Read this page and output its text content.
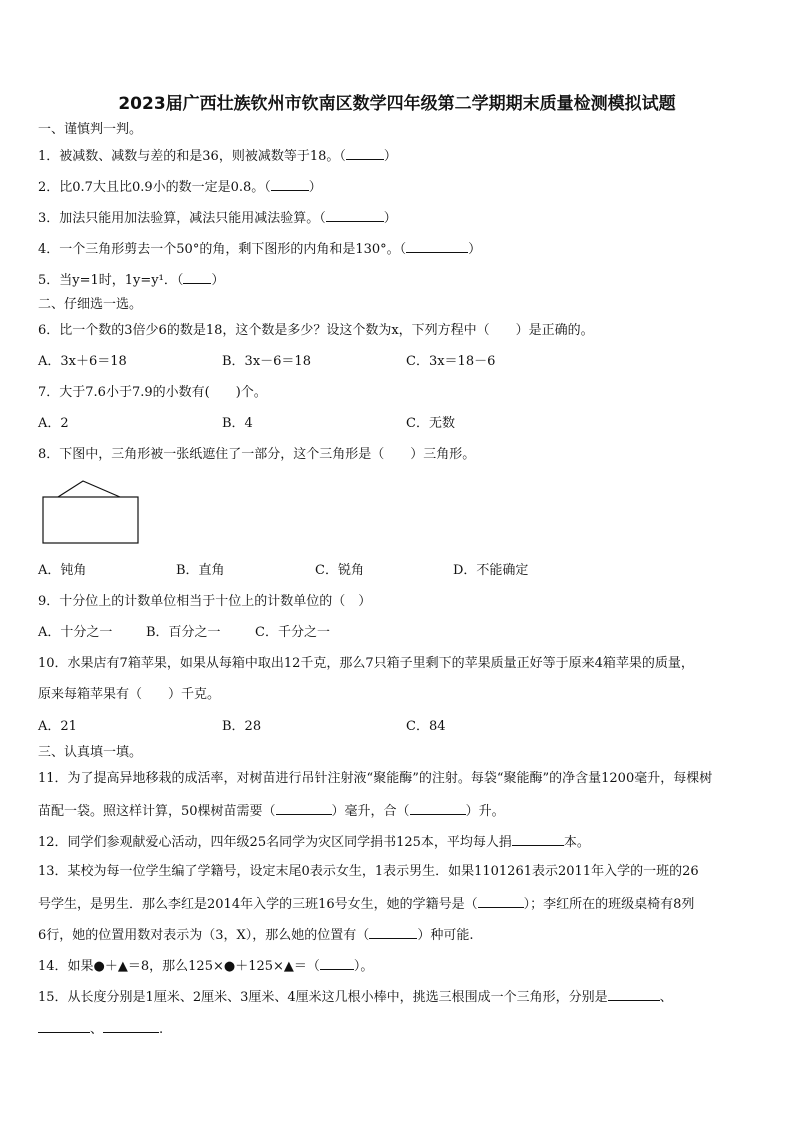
2023届广西壮族钦州市钦南区数学四年级第二学期期末质量检测模拟试题
一、谨慎判一判。
1．被减数、减数与差的和是36，则被减数等于18。（	）
2．比0.7大且比0.9小的数一定是0.8。（	）
3．加法只能用加法验算，减法只能用减法验算。（	）
4．一个三角形剪去一个50°的角，剩下图形的内角和是130°。（	）
5．当y=1时，1y=y¹．（ ）
二、仔细选一选。
6．比一个数的3倍少6的数是18，这个数是多少？设这个数为x，下列方程中（　　）是正确的。
A．3x＋6＝18	B．3x－6＝18	C．3x＝18－6
7．大于7.6小于7.9的小数有(　　)个。
A．2	B．4	C．无数
8．下图中，三角形被一张纸遮住了一部分，这个三角形是（　　）三角形。
A．钝角	B．直角	C．锐角	D．不能确定
9．十分位上的计数单位相当于十位上的计数单位的（　）
A．十分之一	B．百分之一	C．千分之一
10．水果店有7箱苹果，如果从每箱中取出12千克，那么7只箱子里剩下的苹果质量正好等于原来4箱苹果的质量，
原来每箱苹果有（　　）千克。
A．21	B．28	C．84
三、认真填一填。
11．为了提高异地移栽的成活率，对树苗进行吊针注射液“聚能酶”的注射。每袋“聚能酶”的净含量1200毫升，每棵树
苗配一袋。照这样计算，50棵树苗需要（	）毫升，合（	）升。
12．同学们参观献爱心活动，四年级25名同学为灾区同学捐书125本，平均每人捐	本。
13．某校为每一位学生编了学籍号，设定末尾0表示女生，1表示男生．如果1101261表示2011年入学的一班的26
号学生，是男生．那么李红是2014年入学的三班16号女生，她的学籍号是（	）；李红所在的班级桌椅有8列
6行，她的位置用数对表示为（3，X），那么她的位置有（	）种可能.
14．如果●＋▲＝8，那么125×●＋125×▲＝（	）。
15．从长度分别是1厘米、2厘米、3厘米、4厘米这几根小棒中，挑选三根围成一个三角形，分别是	、
、	.
